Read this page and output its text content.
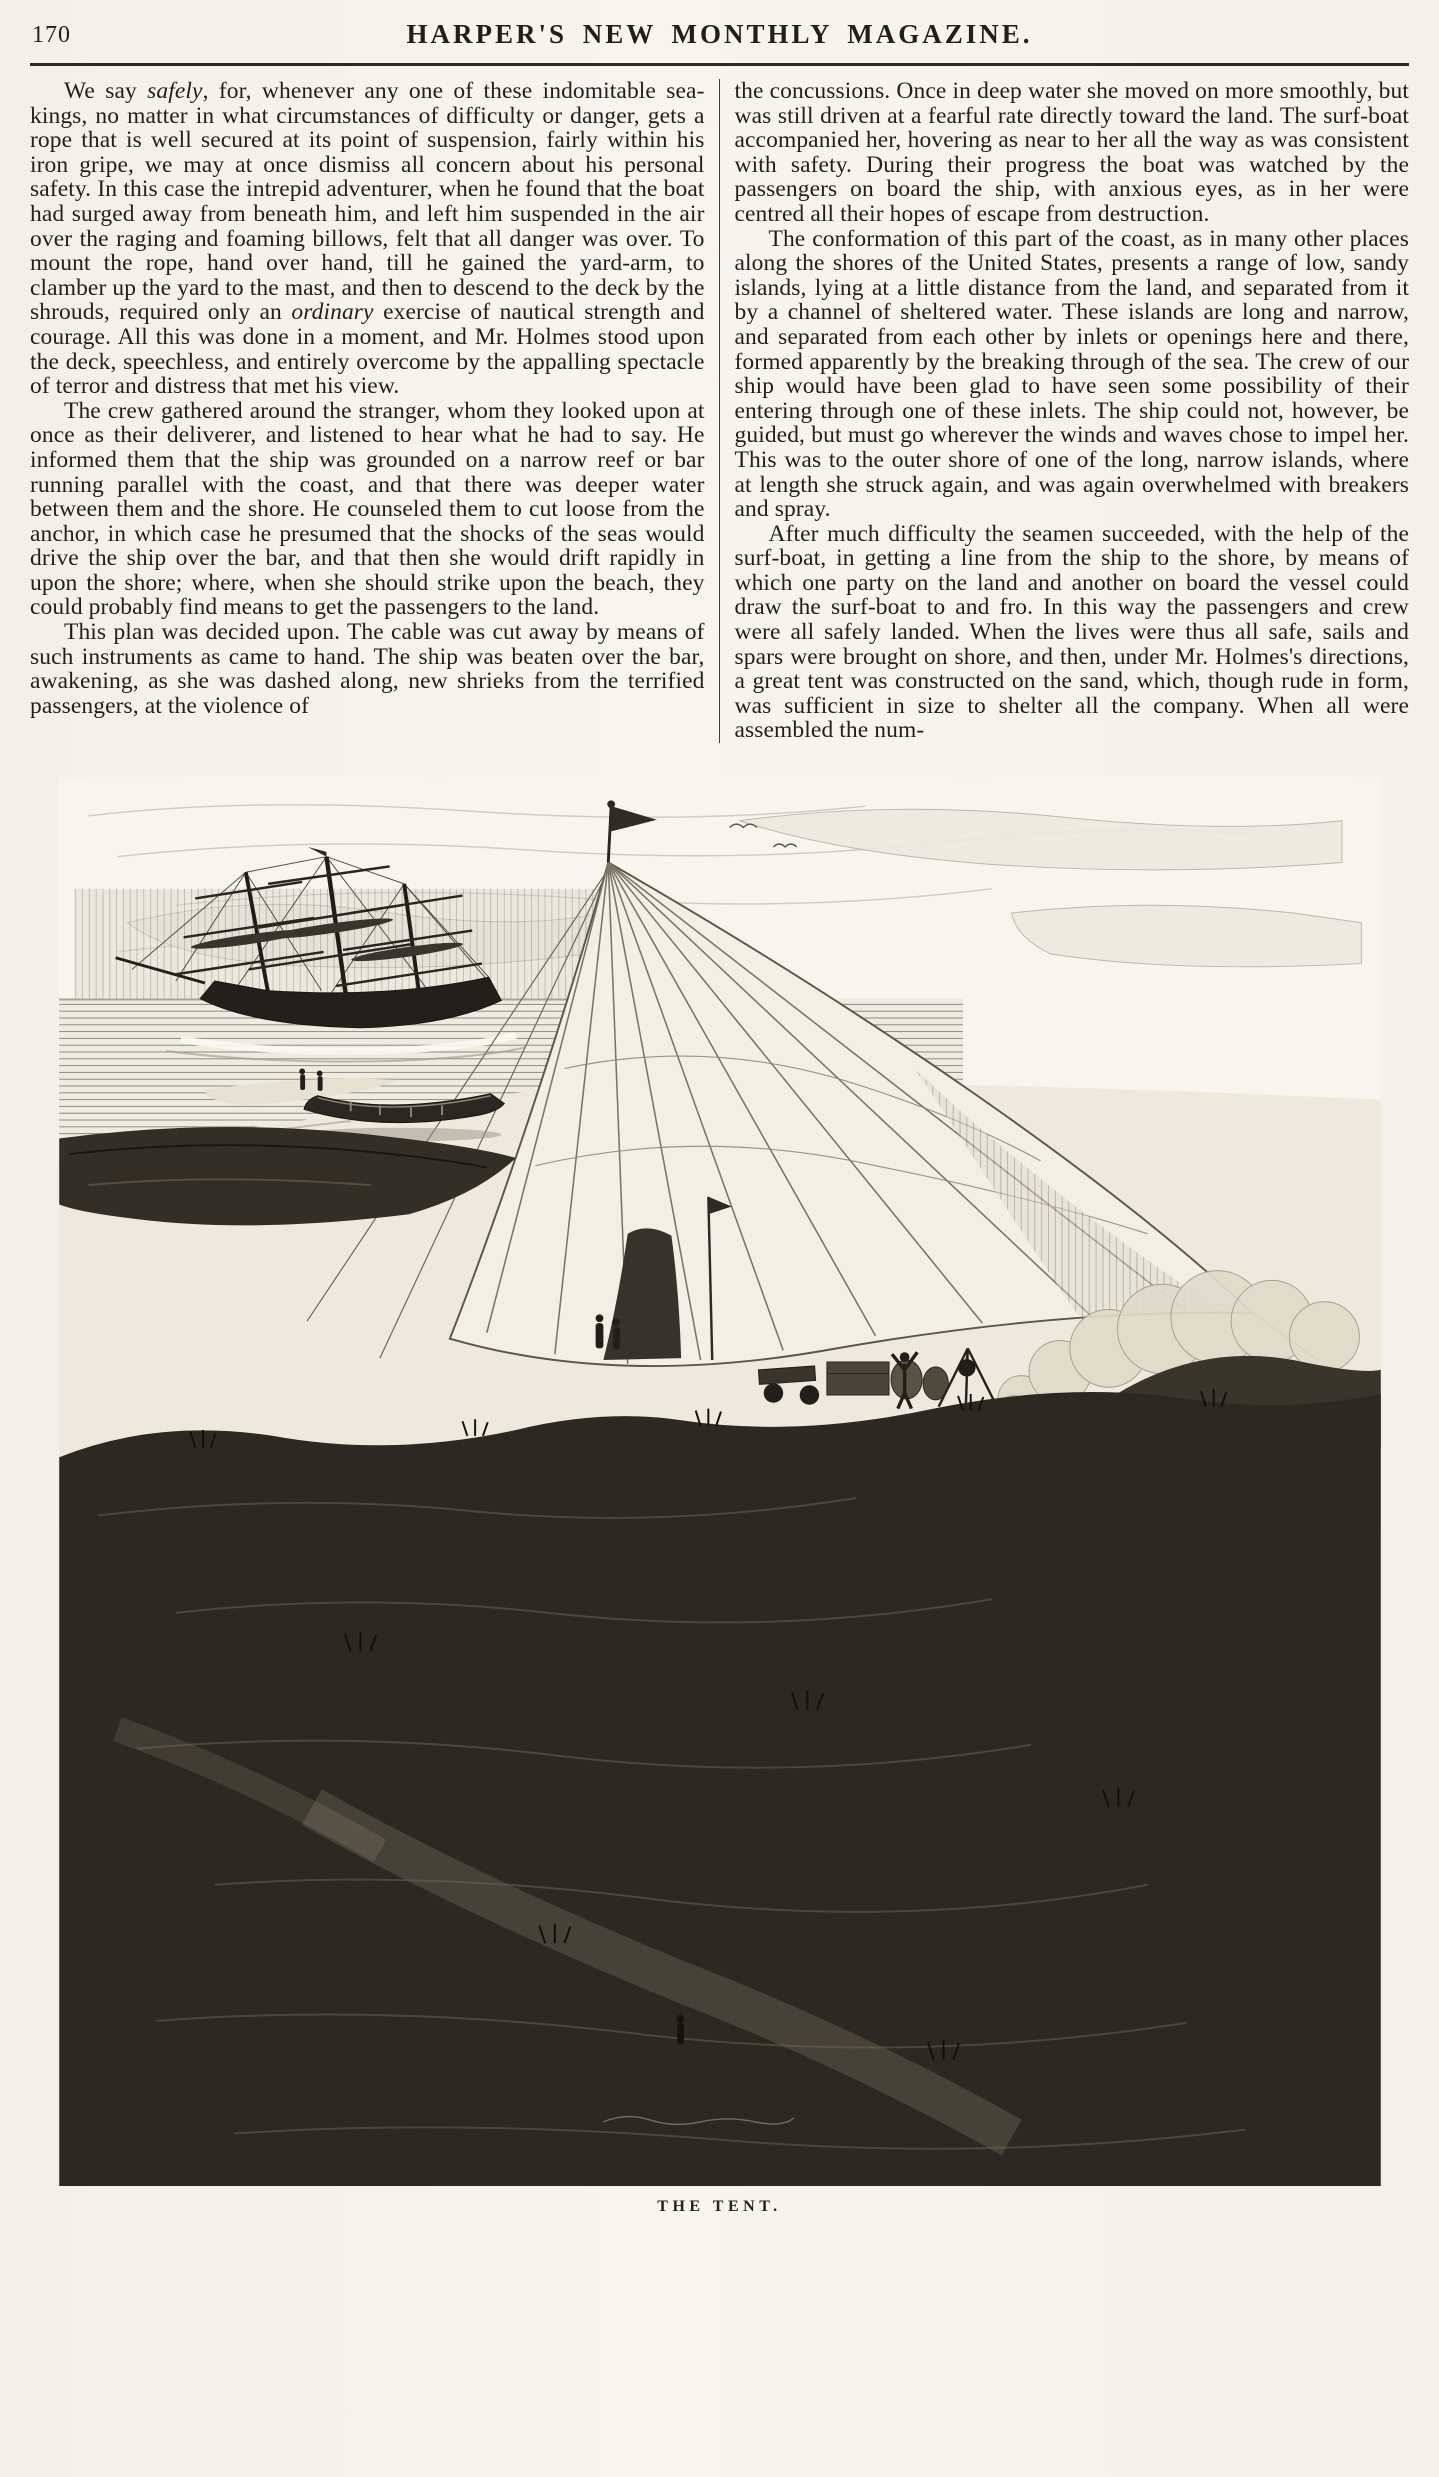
170	HARPER'S NEW MONTHLY MAGAZINE.

We say safely, for, whenever any one of these indomitable sea-kings, no matter in what circumstances of difficulty or danger, gets a rope that is well secured at its point of suspension, fairly within his iron gripe, we may at once dismiss all concern about his personal safety. In this case the intrepid adventurer, when he found that the boat had surged away from beneath him, and left him suspended in the air over the raging and foaming billows, felt that all danger was over. To mount the rope, hand over hand, till he gained the yard-arm, to clamber up the yard to the mast, and then to descend to the deck by the shrouds, required only an ordinary exercise of nautical strength and courage. All this was done in a moment, and Mr. Holmes stood upon the deck, speechless, and entirely overcome by the appalling spectacle of terror and distress that met his view.

The crew gathered around the stranger, whom they looked upon at once as their deliverer, and listened to hear what he had to say. He informed them that the ship was grounded on a narrow reef or bar running parallel with the coast, and that there was deeper water between them and the shore. He counseled them to cut loose from the anchor, in which case he presumed that the shocks of the seas would drive the ship over the bar, and that then she would drift rapidly in upon the shore; where, when she should strike upon the beach, they could probably find means to get the passengers to the land.

This plan was decided upon. The cable was cut away by means of such instruments as came to hand. The ship was beaten over the bar, awakening, as she was dashed along, new shrieks from the terrified passengers, at the violence of

the concussions. Once in deep water she moved on more smoothly, but was still driven at a fearful rate directly toward the land. The surf-boat accompanied her, hovering as near to her all the way as was consistent with safety. During their progress the boat was watched by the passengers on board the ship, with anxious eyes, as in her were centred all their hopes of escape from destruction.

The conformation of this part of the coast, as in many other places along the shores of the United States, presents a range of low, sandy islands, lying at a little distance from the land, and separated from it by a channel of sheltered water. These islands are long and narrow, and separated from each other by inlets or openings here and there, formed apparently by the breaking through of the sea. The crew of our ship would have been glad to have seen some possibility of their entering through one of these inlets. The ship could not, however, be guided, but must go wherever the winds and waves chose to impel her. This was to the outer shore of one of the long, narrow islands, where at length she struck again, and was again overwhelmed with breakers and spray.

After much difficulty the seamen succeeded, with the help of the surf-boat, in getting a line from the ship to the shore, by means of which one party on the land and another on board the vessel could draw the surf-boat to and fro. In this way the passengers and crew were all safely landed. When the lives were thus all safe, sails and spars were brought on shore, and then, under Mr. Holmes's directions, a great tent was constructed on the sand, which, though rude in form, was sufficient in size to shelter all the company. When all were assembled the num-

THE TENT.
